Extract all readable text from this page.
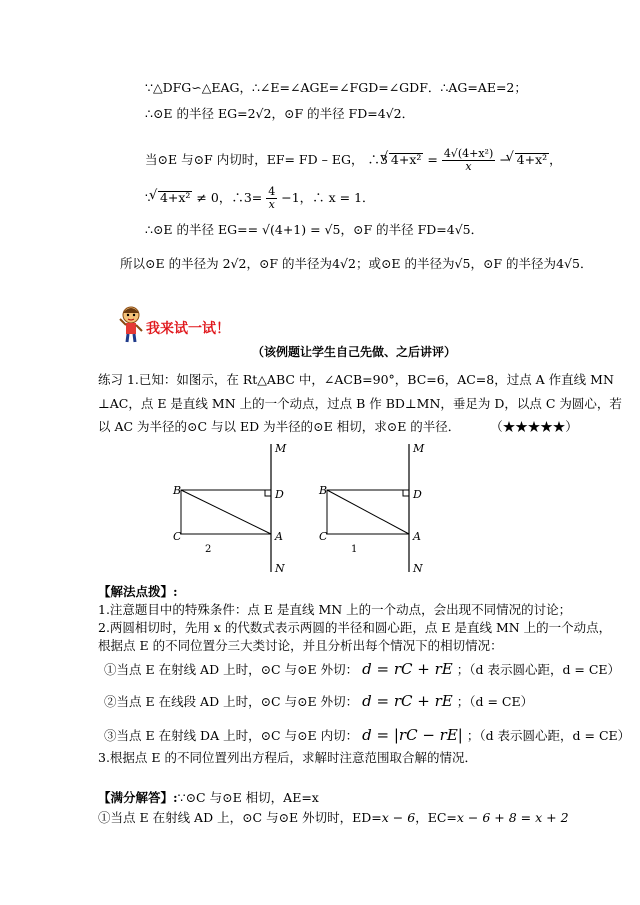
∵△DFG∽△EAG，∴∠E=∠AGE=∠FGD=∠GDF．∴AG=AE=2；
∴⊙E 的半径 EG=2√2，⊙F 的半径 FD=4√2．
当⊙E 与⊙F 内切时，EF= FD – EG， ∴3 √ $4+x^2 = \frac{\text{4√(4+x²)}}{x}$ − √ 4+x² ，
∵ √ 4+x² ≠ 0，∴3= $\frac{4}{x} -1$，∴ x = 1．
∴⊙E 的半径 EG== √(4+1) = √5，⊙F 的半径 FD=4√5．
所以⊙E 的半径为 2√2，⊙F 的半径为4√2；或⊙E 的半径为√5，⊙F 的半径为4√5．
我来试一试！
（该例题让学生自己先做、之后讲评）
练习 1.已知：如图示，在 Rt△ABC 中，∠ACB=90°，BC=6，AC=8，过点 A 作直线 MN
⊥AC，点 E 是直线 MN 上的一个动点，过点 B 作 BD⊥MN，垂足为 D，以点 C 为圆心，若
以 AC 为半径的⊙C 与以 ED 为半径的⊙E 相切，求⊙E 的半径． （★★★★★）
M
B	D
C	A
N
2
M
B	D
C	A
N
1
【解法点拨】:
1.注意题目中的特殊条件：点 E 是直线 MN 上的一个动点，会出现不同情况的讨论；
2.两圆相切时，先用 x 的代数式表示两圆的半径和圆心距，点 E 是直线 MN 上的一个动点，
根据点 E 的不同位置分三大类讨论，并且分析出每个情况下的相切情况：
①当点 E 在射线 AD 上时，⊙C 与⊙E 外切： d = rC + rE ；（d 表示圆心距，d = CE）
②当点 E 在线段 AD 上时，⊙C 与⊙E 外切： d = rC + rE ；（d = CE）
③当点 E 在射线 DA 上时，⊙C 与⊙E 内切： d = |rC − rE| ；（d 表示圆心距，d = CE）
3.根据点 E 的不同位置列出方程后，求解时注意范围取合解的情况．
【满分解答】:∵⊙C 与⊙E 相切，AE=x
①当点 E 在射线 AD 上，⊙C 与⊙E 外切时，ED=x − 6，EC=x − 6 + 8 = x + 2
